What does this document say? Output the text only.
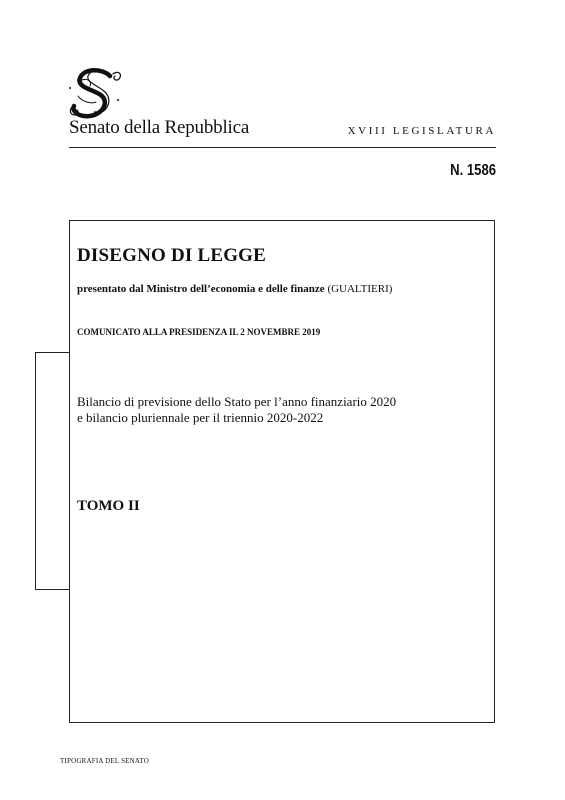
Senato della Repubblica	XVIII LEGISLATURA
N. 1586
DISEGNO DI LEGGE
presentato dal Ministro dell’economia e delle finanze (GUALTIERI)
COMUNICATO ALLA PRESIDENZA IL 2 NOVEMBRE 2019
Bilancio di previsione dello Stato per l’anno finanziario 2020
e bilancio pluriennale per il triennio 2020-2022
TOMO II
TIPOGRAFIA DEL SENATO
